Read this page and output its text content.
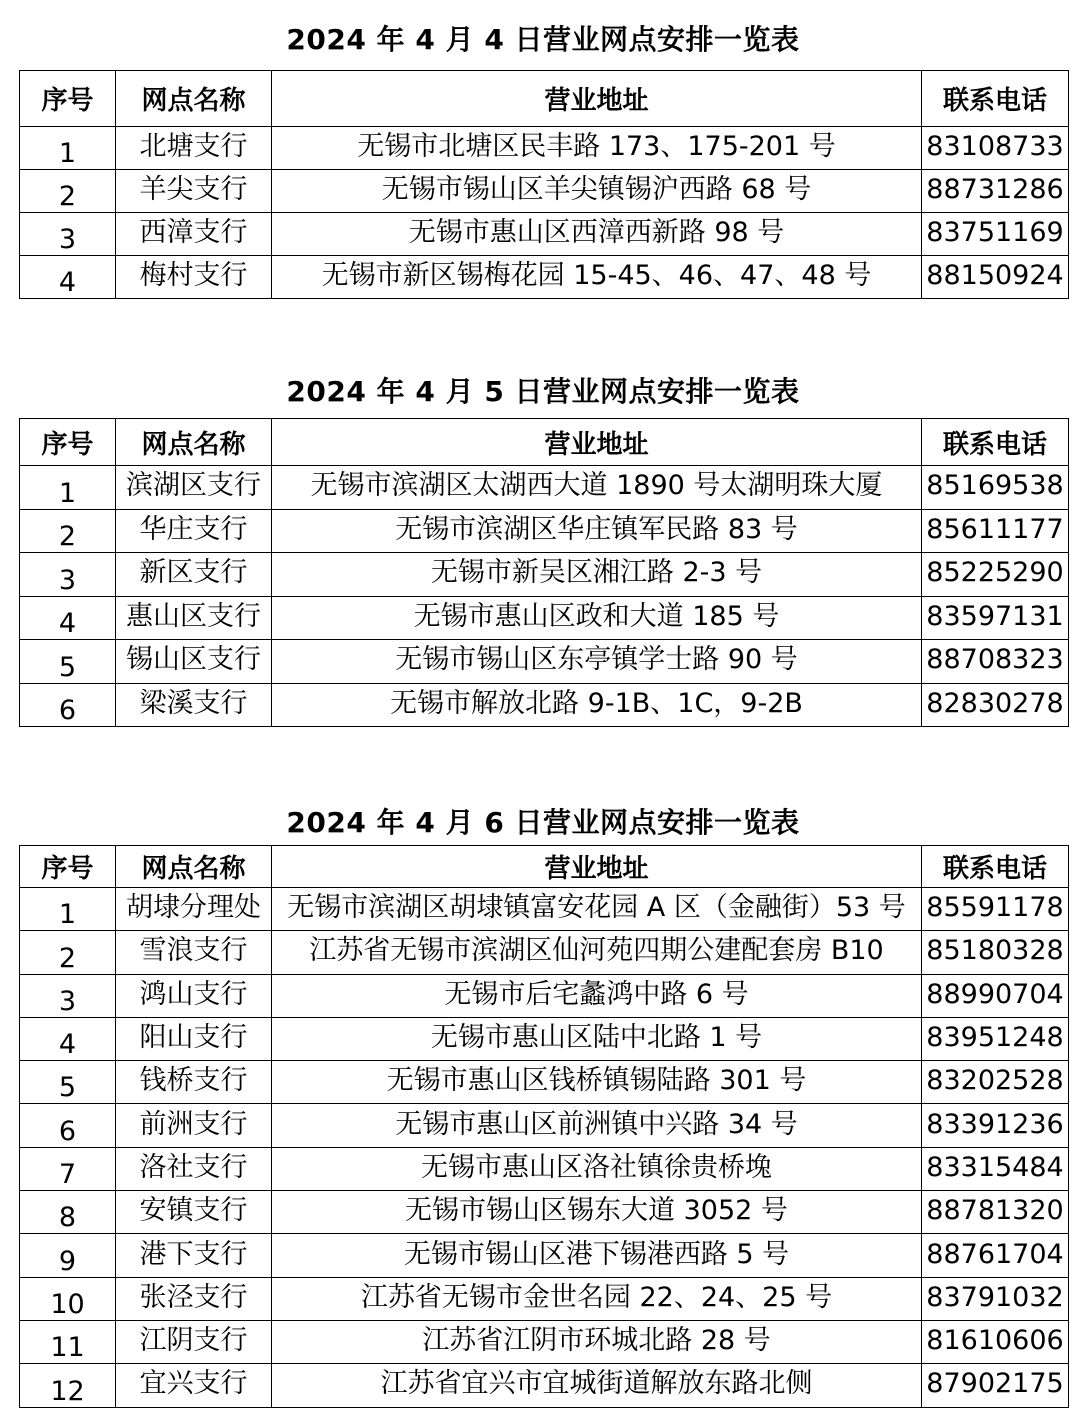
2024 年 4 月 4 日营业网点安排一览表
序号	网点名称	营业地址	联系电话
1	北塘支行	无锡市北塘区民丰路 173、175-201 号	83108733
2	羊尖支行	无锡市锡山区羊尖镇锡沪西路 68 号	88731286
3	西漳支行	无锡市惠山区西漳西新路 98 号	83751169
4	梅村支行	无锡市新区锡梅花园 15-45、46、47、48 号	88150924
2024 年 4 月 5 日营业网点安排一览表
序号	网点名称	营业地址	联系电话
1	滨湖区支行	无锡市滨湖区太湖西大道 1890 号太湖明珠大厦	85169538
2	华庄支行	无锡市滨湖区华庄镇军民路 83 号	85611177
3	新区支行	无锡市新吴区湘江路 2-3 号	85225290
4	惠山区支行	无锡市惠山区政和大道 185 号	83597131
5	锡山区支行	无锡市锡山区东亭镇学士路 90 号	88708323
6	梁溪支行	无锡市解放北路 9-1B、1C，9-2B	82830278
2024 年 4 月 6 日营业网点安排一览表
序号	网点名称	营业地址	联系电话
1	胡埭分理处	无锡市滨湖区胡埭镇富安花园 A 区（金融街）53 号	85591178
2	雪浪支行	江苏省无锡市滨湖区仙河苑四期公建配套房 B10	85180328
3	鸿山支行	无锡市后宅蠡鸿中路 6 号	88990704
4	阳山支行	无锡市惠山区陆中北路 1 号	83951248
5	钱桥支行	无锡市惠山区钱桥镇锡陆路 301 号	83202528
6	前洲支行	无锡市惠山区前洲镇中兴路 34 号	83391236
7	洛社支行	无锡市惠山区洛社镇徐贵桥堍	83315484
8	安镇支行	无锡市锡山区锡东大道 3052 号	88781320
9	港下支行	无锡市锡山区港下锡港西路 5 号	88761704
10	张泾支行	江苏省无锡市金世名园 22、24、25 号	83791032
11	江阴支行	江苏省江阴市环城北路 28 号	81610606
12	宜兴支行	江苏省宜兴市宜城街道解放东路北侧	87902175
